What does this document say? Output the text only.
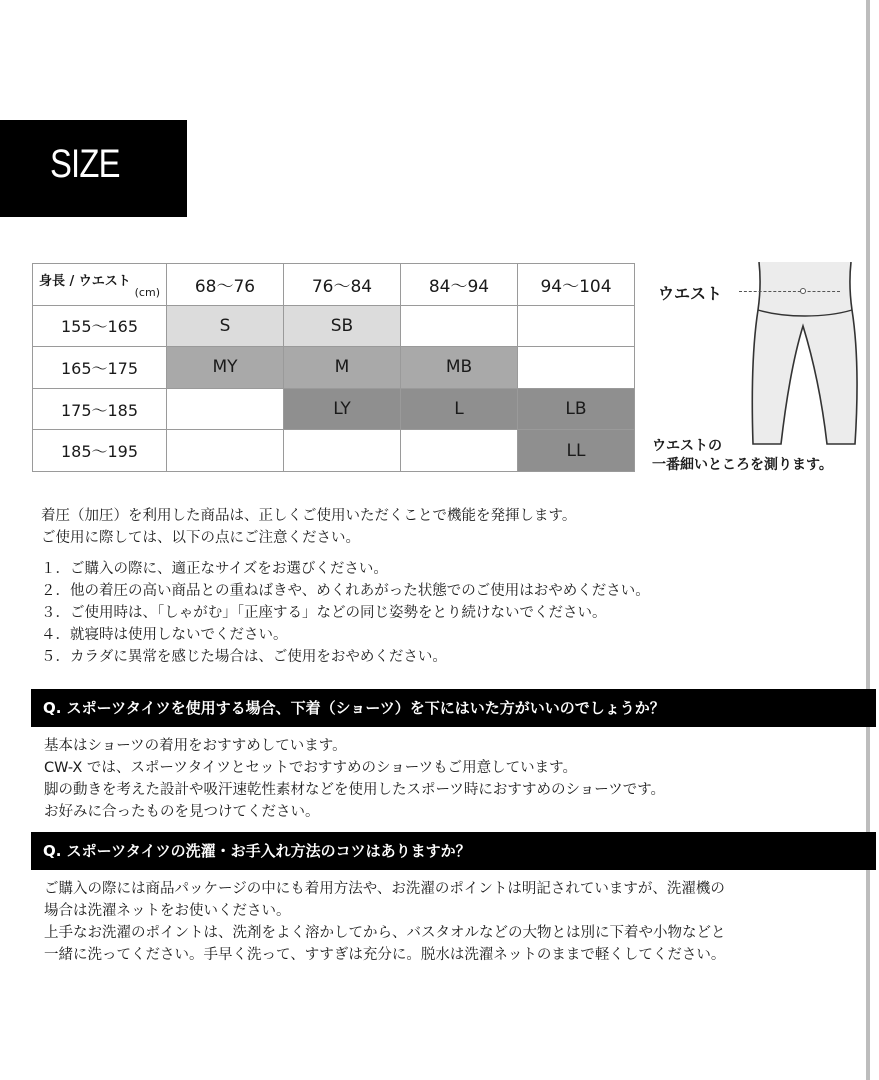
SIZE
身長 / ウエスト
(cm)	68〜76	76〜84	84〜94	94〜104
155〜165	S	SB		
165〜175	MY	M	MB	
175〜185		LY	L	LB
185〜195				LL
ウエスト
ウエストの
一番細いところを測ります。
着圧（加圧）を利用した商品は、正しくご使用いただくことで機能を発揮します。
ご使用に際しては、以下の点にご注意ください。
１．ご購入の際に、適正なサイズをお選びください。
２．他の着圧の高い商品との重ねばきや、めくれあがった状態でのご使用はおやめください。
３．ご使用時は、「しゃがむ」「正座する」などの同じ姿勢をとり続けないでください。
４．就寝時は使用しないでください。
５．カラダに異常を感じた場合は、ご使用をおやめください。
Q. スポーツタイツを使用する場合、下着（ショーツ）を下にはいた方がいいのでしょうか？
基本はショーツの着用をおすすめしています。
CW-X では、スポーツタイツとセットでおすすめのショーツもご用意しています。
脚の動きを考えた設計や吸汗速乾性素材などを使用したスポーツ時におすすめのショーツです。
お好みに合ったものを見つけてください。
Q. スポーツタイツの洗濯・お手入れ方法のコツはありますか？
ご購入の際には商品パッケージの中にも着用方法や、お洗濯のポイントは明記されていますが、洗濯機の
場合は洗濯ネットをお使いください。
上手なお洗濯のポイントは、洗剤をよく溶かしてから、バスタオルなどの大物とは別に下着や小物などと
一緒に洗ってください。手早く洗って、すすぎは充分に。脱水は洗濯ネットのままで軽くしてください。
